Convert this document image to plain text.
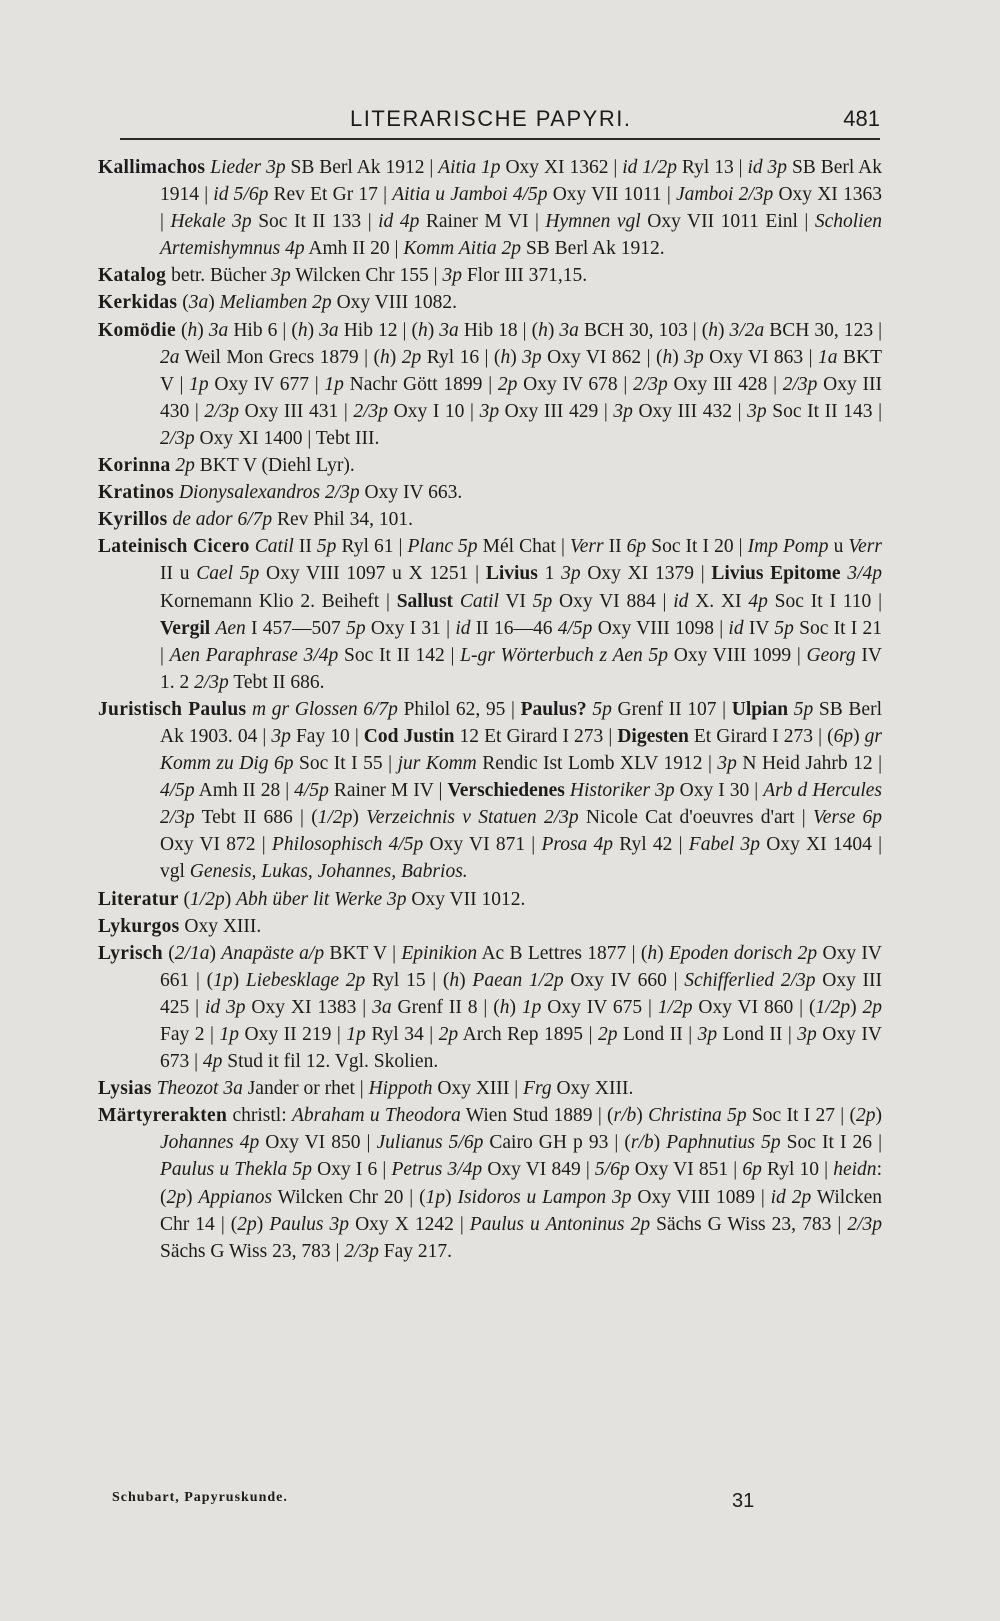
LITERARISCHE PAPYRI.	481
Kallimachos Lieder 3p SB Berl Ak 1912 | Aitia 1p Oxy XI 1362 | id 1/2p Ryl 13 | id 3p SB Berl Ak 1914 | id 5/6p Rev Et Gr 17 | Aitia u Jamboi 4/5p Oxy VII 1011 | Jamboi 2/3p Oxy XI 1363 | Hekale 3p Soc It II 133 | id 4p Rainer M VI | Hymnen vgl Oxy VII 1011 Einl | Scholien Artemishymnus 4p Amh II 20 | Komm Aitia 2p SB Berl Ak 1912.
Katalog betr. Bücher 3p Wilcken Chr 155 | 3p Flor III 371,15.
Kerkidas (3a) Meliamben 2p Oxy VIII 1082.
Komödie (h) 3a Hib 6 | (h) 3a Hib 12 | (h) 3a Hib 18 | (h) 3a BCH 30, 103 | (h) 3/2a BCH 30, 123 | 2a Weil Mon Grecs 1879 | (h) 2p Ryl 16 | (h) 3p Oxy VI 862 | (h) 3p Oxy VI 863 | 1a BKT V | 1p Oxy IV 677 | 1p Nachr Gött 1899 | 2p Oxy IV 678 | 2/3p Oxy III 428 | 2/3p Oxy III 430 | 2/3p Oxy III 431 | 2/3p Oxy I 10 | 3p Oxy III 429 | 3p Oxy III 432 | 3p Soc It II 143 | 2/3p Oxy XI 1400 | Tebt III.
Korinna 2p BKT V (Diehl Lyr).
Kratinos Dionysalexandros 2/3p Oxy IV 663.
Kyrillos de ador 6/7p Rev Phil 34, 101.
Lateinisch Cicero Catil II 5p Ryl 61 | Planc 5p Mél Chat | Verr II 6p Soc It I 20 | Imp Pomp u Verr II u Cael 5p Oxy VIII 1097 u X 1251 | Livius 1 3p Oxy XI 1379 | Livius Epitome 3/4p Kornemann Klio 2. Beiheft | Sallust Catil VI 5p Oxy VI 884 | id X. XI 4p Soc It I 110 | Vergil Aen I 457—507 5p Oxy I 31 | id II 16—46 4/5p Oxy VIII 1098 | id IV 5p Soc It I 21 | Aen Paraphrase 3/4p Soc It II 142 | L-gr Wörterbuch z Aen 5p Oxy VIII 1099 | Georg IV 1. 2 2/3p Tebt II 686.
Juristisch Paulus m gr Glossen 6/7p Philol 62, 95 | Paulus? 5p Grenf II 107 | Ulpian 5p SB Berl Ak 1903. 04 | 3p Fay 10 | Cod Justin 12 Et Girard I 273 | Digesten Et Girard I 273 | (6p) gr Komm zu Dig 6p Soc It I 55 | jur Komm Rendic Ist Lomb XLV 1912 | 3p N Heid Jahrb 12 | 4/5p Amh II 28 | 4/5p Rainer M IV | Verschiedenes Historiker 3p Oxy I 30 | Arb d Hercules 2/3p Tebt II 686 | (1/2p) Verzeichnis v Statuen 2/3p Nicole Cat d'oeuvres d'art | Verse 6p Oxy VI 872 | Philosophisch 4/5p Oxy VI 871 | Prosa 4p Ryl 42 | Fabel 3p Oxy XI 1404 | vgl Genesis, Lukas, Johannes, Babrios.
Literatur (1/2p) Abh über lit Werke 3p Oxy VII 1012.
Lykurgos Oxy XIII.
Lyrisch (2/1a) Anapäste a/p BKT V | Epinikion Ac B Lettres 1877 | (h) Epoden dorisch 2p Oxy IV 661 | (1p) Liebesklage 2p Ryl 15 | (h) Paean 1/2p Oxy IV 660 | Schifferlied 2/3p Oxy III 425 | id 3p Oxy XI 1383 | 3a Grenf II 8 | (h) 1p Oxy IV 675 | 1/2p Oxy VI 860 | (1/2p) 2p Fay 2 | 1p Oxy II 219 | 1p Ryl 34 | 2p Arch Rep 1895 | 2p Lond II | 3p Lond II | 3p Oxy IV 673 | 4p Stud it fil 12. Vgl. Skolien.
Lysias Theozot 3a Jander or rhet | Hippoth Oxy XIII | Frg Oxy XIII.
Märtyrerakten christl: Abraham u Theodora Wien Stud 1889 | (r/b) Christina 5p Soc It I 27 | (2p) Johannes 4p Oxy VI 850 | Julianus 5/6p Cairo GH p 93 | (r/b) Paphnutius 5p Soc It I 26 | Paulus u Thekla 5p Oxy I 6 | Petrus 3/4p Oxy VI 849 | 5/6p Oxy VI 851 | 6p Ryl 10 | heidn: (2p) Appianos Wilcken Chr 20 | (1p) Isidoros u Lampon 3p Oxy VIII 1089 | id 2p Wilcken Chr 14 | (2p) Paulus 3p Oxy X 1242 | Paulus u Antoninus 2p Sächs G Wiss 23, 783 | 2/3p Sächs G Wiss 23, 783 | 2/3p Fay 217.
Schubart, Papyruskunde.	31
